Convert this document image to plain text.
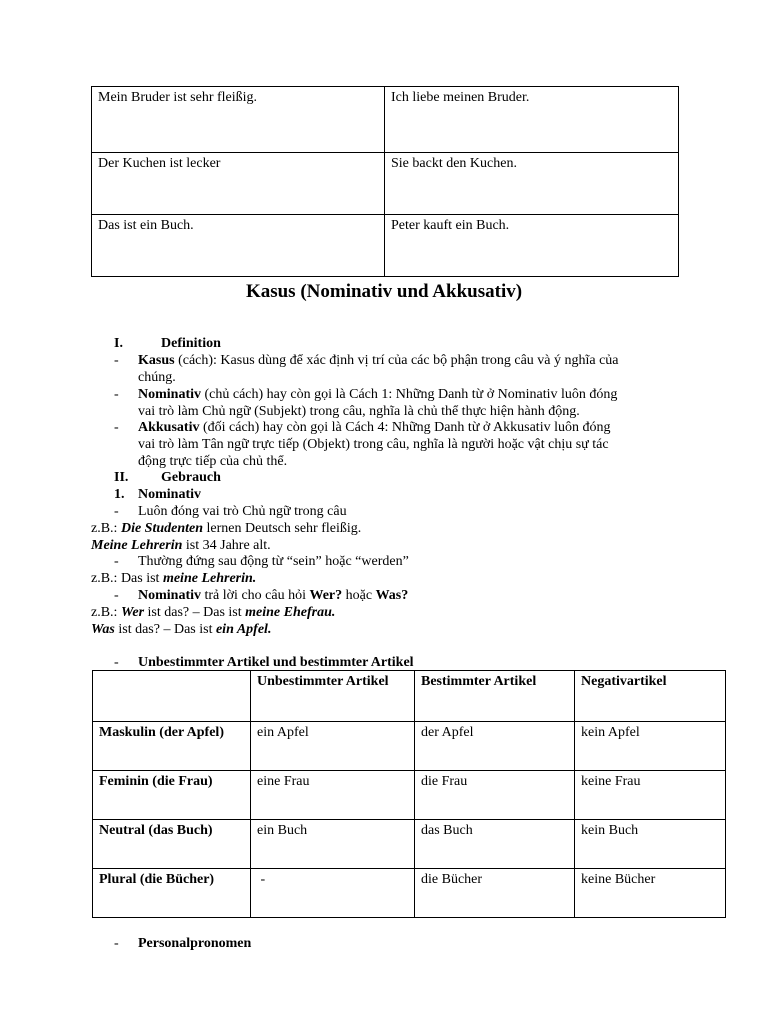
Mein Bruder ist sehr fleißig.	Ich liebe meinen Bruder.
Der Kuchen ist lecker	Sie backt den Kuchen.
Das ist ein Buch.	Peter kauft ein Buch.
Kasus (Nominativ und Akkusativ)
I.	Definition
- Kasus (cách): Kasus dùng để xác định vị trí của các bộ phận trong câu và ý nghĩa của
chúng.
- Nominativ (chủ cách) hay còn gọi là Cách 1: Những Danh từ ở Nominativ luôn đóng
vai trò làm Chủ ngữ (Subjekt) trong câu, nghĩa là chủ thể thực hiện hành động.
- Akkusativ (đối cách) hay còn gọi là Cách 4: Những Danh từ ở Akkusativ luôn đóng
vai trò làm Tân ngữ trực tiếp (Objekt) trong câu, nghĩa là người hoặc vật chịu sự tác
động trực tiếp của chủ thể.
II. Gebrauch
1. Nominativ
- Luôn đóng vai trò Chủ ngữ trong câu
z.B.: Die Studenten lernen Deutsch sehr fleißig.
Meine Lehrerin ist 34 Jahre alt.
- Thường đứng sau động từ “sein” hoặc “werden”
z.B.: Das ist meine Lehrerin.
- Nominativ trả lời cho câu hỏi Wer? hoặc Was?
z.B.: Wer ist das? – Das ist meine Ehefrau.
Was ist das? – Das ist ein Apfel.
- Unbestimmter Artikel und bestimmter Artikel
	Unbestimmter Artikel	Bestimmter Artikel	Negativartikel
Maskulin (der Apfel)	ein Apfel	der Apfel	kein Apfel
Feminin (die Frau)	eine Frau	die Frau	keine Frau
Neutral (das Buch)	ein Buch	das Buch	kein Buch
Plural (die Bücher)	-	die Bücher	keine Bücher
- Personalpronomen
